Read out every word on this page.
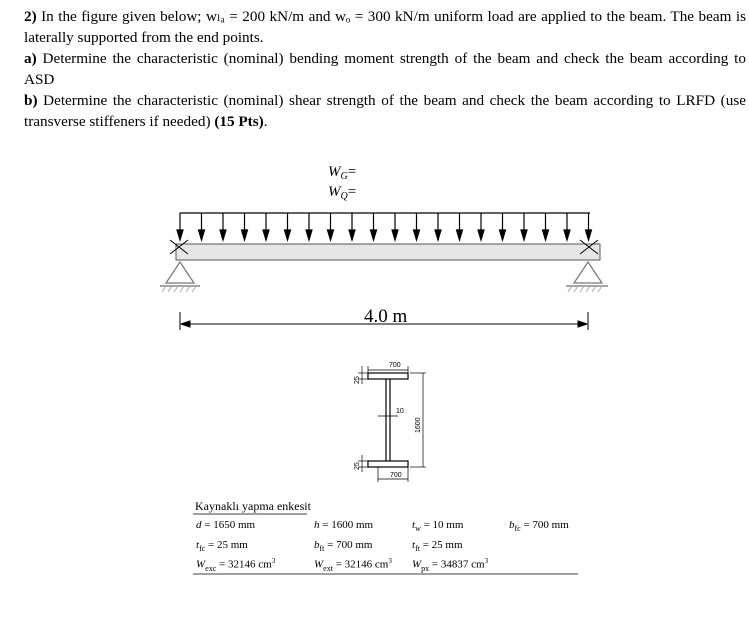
2) In the figure given below; wₗₐ = 200 kN/m and wₒ = 300 kN/m uniform load are applied to the beam. The beam is laterally supported from the end points.

a) Determine the characteristic (nominal) bending moment strength of the beam and check the beam according to ASD

b) Determine the characteristic (nominal) shear strength of the beam and check the beam according to LRFD (use transverse stiffeners if needed) (15 Pts).

$W_G=$
$W_Q=$
4.0 m
700
700
10
1600
25
25
Kaynaklı yapma enkesit
d = 1650 mm	h = 1600 mm	$t_w = 10$ mm	$b_{fc} = 700$ mm
$t_{fc} = 25$ mm	$b_{ft} = 700$ mm	$t_{ft} = 25$ mm
$W_{exc} = 32146$ $cm^3$	$W_{ext} = 32146$ $cm^3$ $W_{px} = 34837$ $cm^3$
